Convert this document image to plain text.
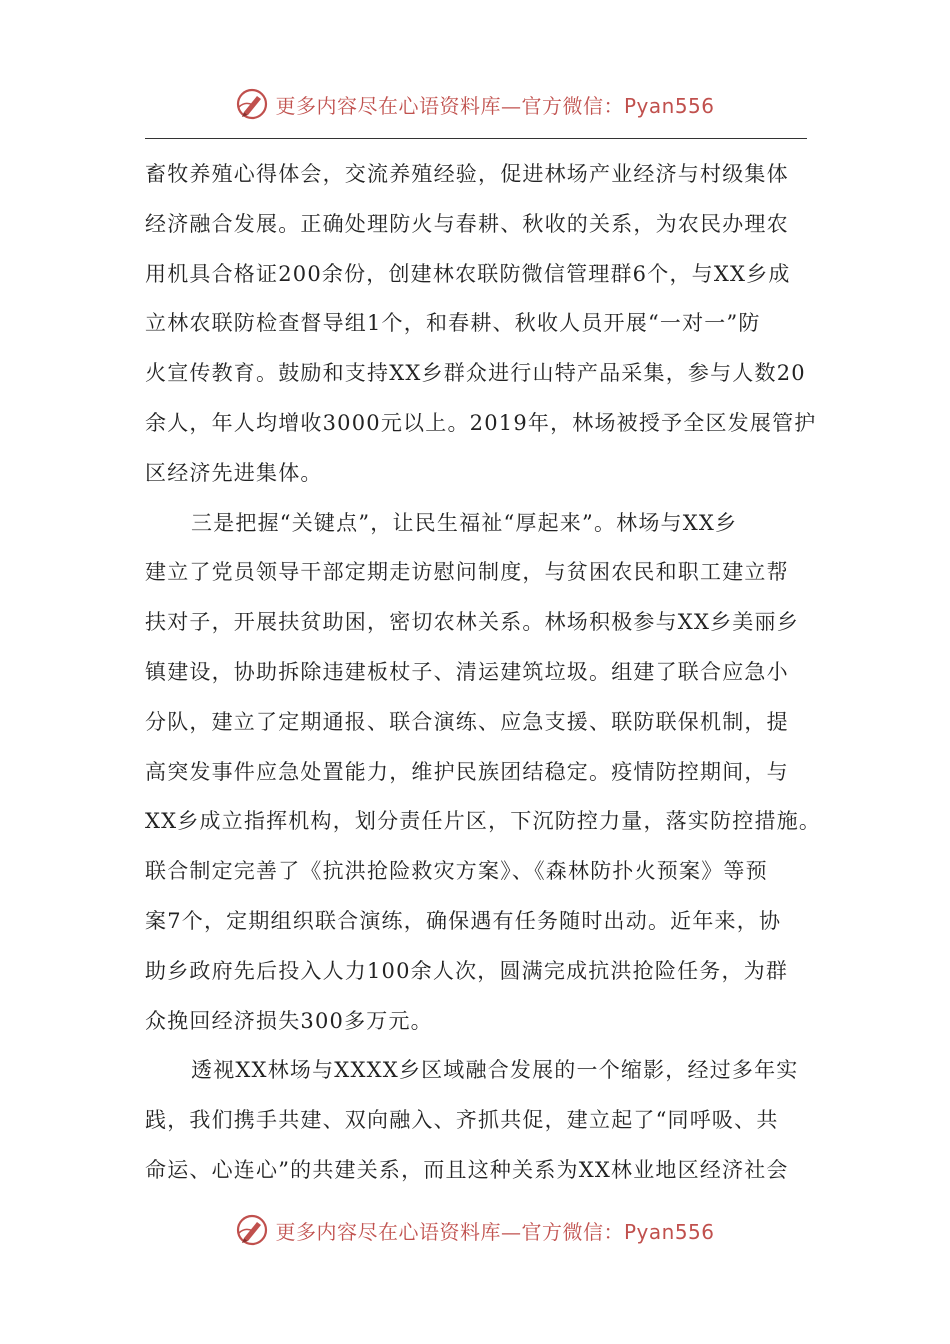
更多内容尽在心语资料库—官方微信：Pyan556
畜牧养殖心得体会，交流养殖经验，促进林场产业经济与村级集体
经济融合发展。正确处理防火与春耕、秋收的关系，为农民办理农
用机具合格证200余份，创建林农联防微信管理群6个，与XX乡成
立林农联防检查督导组1个，和春耕、秋收人员开展“一对一”防
火宣传教育。鼓励和支持XX乡群众进行山特产品采集，参与人数20
余人，年人均增收3000元以上。2019年，林场被授予全区发展管护
区经济先进集体。
三是把握“关键点”，让民生福祉“厚起来”。林场与XX乡
建立了党员领导干部定期走访慰问制度，与贫困农民和职工建立帮
扶对子，开展扶贫助困，密切农林关系。林场积极参与XX乡美丽乡
镇建设，协助拆除违建板杖子、清运建筑垃圾。组建了联合应急小
分队，建立了定期通报、联合演练、应急支援、联防联保机制，提
高突发事件应急处置能力，维护民族团结稳定。疫情防控期间，与
XX乡成立指挥机构，划分责任片区，下沉防控力量，落实防控措施。
联合制定完善了《抗洪抢险救灾方案》、《森林防扑火预案》等预
案7个，定期组织联合演练，确保遇有任务随时出动。近年来，协
助乡政府先后投入人力100余人次，圆满完成抗洪抢险任务，为群
众挽回经济损失300多万元。
透视XX林场与XXXX乡区域融合发展的一个缩影，经过多年实
践，我们携手共建、双向融入、齐抓共促，建立起了“同呼吸、共
命运、心连心”的共建关系，而且这种关系为XX林业地区经济社会
更多内容尽在心语资料库—官方微信：Pyan556
